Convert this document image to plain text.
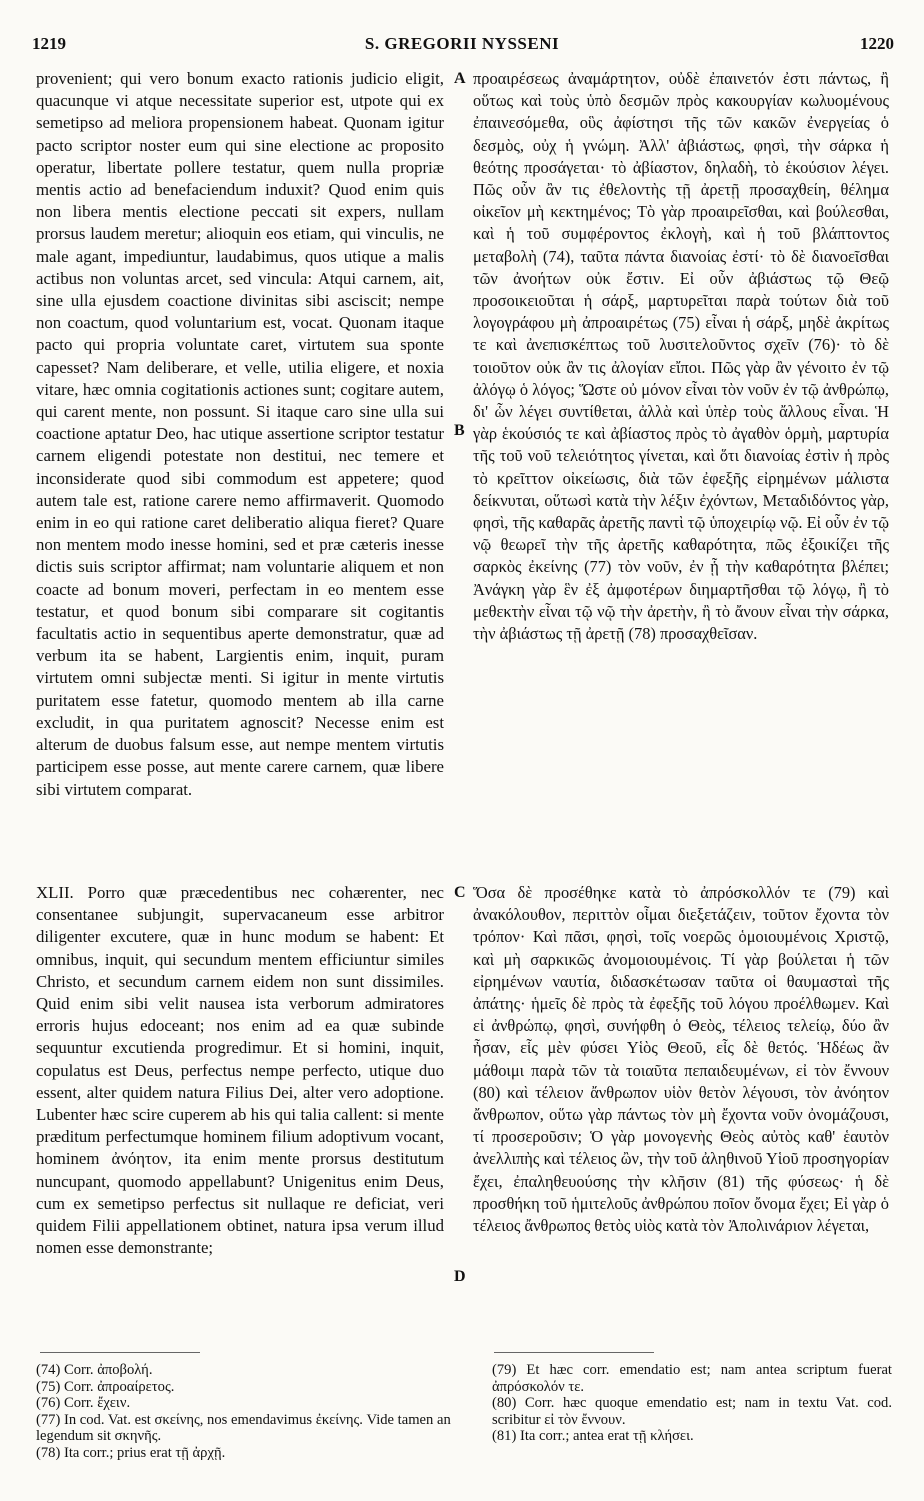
1219	S. GREGORII NYSSENI	1220
A
B
C
D

provenient; qui vero bonum exacto rationis judicio eligit, quacunque vi atque necessitate superior est, utpote qui ex semetipso ad meliora propensionem habeat. Quonam igitur pacto scriptor noster eum qui sine electione ac proposito operatur, libertate pollere testatur, quem nulla propriæ mentis actio ad benefaciendum induxit? Quod enim quis non libera mentis electione peccati sit expers, nullam prorsus laudem meretur; alioquin eos etiam, qui vinculis, ne male agant, impediuntur, laudabimus, quos utique a malis actibus non voluntas arcet, sed vincula: Atqui carnem, ait, sine ulla ejusdem coactione divinitas sibi asciscit; nempe non coactum, quod voluntarium est, vocat. Quonam itaque pacto qui propria voluntate caret, virtutem sua sponte capesset? Nam deliberare, et velle, utilia eligere, et noxia vitare, hæc omnia cogitationis actiones sunt; cogitare autem, qui carent mente, non possunt. Si itaque caro sine ulla sui coactione aptatur Deo, hac utique assertione scriptor testatur carnem eligendi potestate non destitui, nec temere et inconsiderate quod sibi commodum est appetere; quod autem tale est, ratione carere nemo affirmaverit. Quomodo enim in eo qui ratione caret deliberatio aliqua fieret? Quare non mentem modo inesse homini, sed et præ cæteris inesse dictis suis scriptor affirmat; nam voluntarie aliquem et non coacte ad bonum moveri, perfectam in eo mentem esse testatur, et quod bonum sibi comparare sit cogitantis facultatis actio in sequentibus aperte demonstratur, quæ ad verbum ita se habent, Largientis enim, inquit, puram virtutem omni subjectæ menti. Si igitur in mente virtutis puritatem esse fatetur, quomodo mentem ab illa carne excludit, in qua puritatem agnoscit? Necesse enim est alterum de duobus falsum esse, aut nempe mentem virtutis participem esse posse, aut mente carere carnem, quæ libere sibi virtutem comparat.

προαιρέσεως ἀναμάρτητον, οὐδὲ ἐπαινετόν ἐστι πάντως, ἢ οὕτως καὶ τοὺς ὑπὸ δεσμῶν πρὸς κακουργίαν κωλυομένους ἐπαινεσόμεθα, οὓς ἀφίστησι τῆς τῶν κακῶν ἐνεργείας ὁ δεσμὸς, οὐχ ἡ γνώμη. Ἀλλ' ἀβιάστως, φησὶ, τὴν σάρκα ἡ θεότης προσάγεται· τὸ ἀβίαστον, δηλαδὴ, τὸ ἑκούσιον λέγει. Πῶς οὖν ἂν τις ἐθελοντὴς τῇ ἀρετῇ προσαχθείη, θέλημα οἰκεῖον μὴ κεκτημένος; Τὸ γὰρ προαιρεῖσθαι, καὶ βούλεσθαι, καὶ ἡ τοῦ συμφέροντος ἐκλογὴ, καὶ ἡ τοῦ βλάπτοντος μεταβολὴ (74), ταῦτα πάντα διανοίας ἐστί· τὸ δὲ διανοεῖσθαι τῶν ἀνοήτων οὐκ ἔστιν. Εἰ οὖν ἀβιάστως τῷ Θεῷ προσοικειοῦται ἡ σάρξ, μαρτυρεῖται παρὰ τούτων διὰ τοῦ λογογράφου μὴ ἀπροαιρέτως (75) εἶναι ἡ σάρξ, μηδὲ ἀκρίτως τε καὶ ἀνεπισκέπτως τοῦ λυσιτελοῦντος σχεῖν (76)· τὸ δὲ τοιοῦτον οὐκ ἂν τις ἀλογίαν εἴποι. Πῶς γὰρ ἂν γένοιτο ἐν τῷ ἀλόγῳ ὁ λόγος; Ὥστε οὐ μόνον εἶναι τὸν νοῦν ἐν τῷ ἀνθρώπῳ, δι' ὧν λέγει συντίθεται, ἀλλὰ καὶ ὑπὲρ τοὺς ἄλλους εἶναι. Ἡ γὰρ ἑκούσιός τε καὶ ἀβίαστος πρὸς τὸ ἀγαθὸν ὁρμὴ, μαρτυρία τῆς τοῦ νοῦ τελειότητος γίνεται, καὶ ὅτι διανοίας ἐστὶν ἡ πρὸς τὸ κρεῖττον οἰκείωσις, διὰ τῶν ἐφεξῆς εἰρημένων μάλιστα δείκνυται, οὕτωσὶ κατὰ τὴν λέξιν ἐχόντων, Μεταδιδόντος γὰρ, φησὶ, τῆς καθαρᾶς ἀρετῆς παντὶ τῷ ὑποχειρίῳ νῷ. Εἰ οὖν ἐν τῷ νῷ θεωρεῖ τὴν τῆς ἀρετῆς καθαρότητα, πῶς ἐξοικίζει τῆς σαρκὸς ἐκείνης (77) τὸν νοῦν, ἐν ᾗ τὴν καθαρότητα βλέπει; Ἀνάγκη γὰρ ἓν ἐξ ἀμφοτέρων διημαρτῆσθαι τῷ λόγῳ, ἢ τὸ μεθεκτὴν εἶναι τῷ νῷ τὴν ἀρετὴν, ἢ τὸ ἄνουν εἶναι τὴν σάρκα, τὴν ἀβιάστως τῇ ἀρετῇ (78) προσαχθεῖσαν.

XLII. Porro quæ præcedentibus nec cohærenter, nec consentanee subjungit, supervacaneum esse arbitror diligenter excutere, quæ in hunc modum se habent: Et omnibus, inquit, qui secundum mentem efficiuntur similes Christo, et secundum carnem eidem non sunt dissimiles. Quid enim sibi velit nausea ista verborum admiratores erroris hujus edoceant; nos enim ad ea quæ subinde sequuntur excutienda progredimur. Et si homini, inquit, copulatus est Deus, perfectus nempe perfecto, utique duo essent, alter quidem natura Filius Dei, alter vero adoptione. Lubenter hæc scire cuperem ab his qui talia callent: si mente præditum perfectumque hominem filium adoptivum vocant, hominem ἀνόητον, ita enim mente prorsus destitutum nuncupant, quomodo appellabunt? Unigenitus enim Deus, cum ex semetipso perfectus sit nullaque re deficiat, veri quidem Filii appellationem obtinet, natura ipsa verum illud nomen esse demonstrante;

Ὅσα δὲ προσέθηκε κατὰ τὸ ἀπρόσκολλόν τε (79) καὶ ἀνακόλουθον, περιττὸν οἶμαι διεξετάζειν, τοῦτον ἔχοντα τὸν τρόπον· Καὶ πᾶσι, φησὶ, τοῖς νοερῶς ὁμοιουμένοις Χριστῷ, καὶ μὴ σαρκικῶς ἀνομοιουμένοις. Τί γὰρ βούλεται ἡ τῶν εἰρημένων ναυτία, διδασκέτωσαν ταῦτα οἱ θαυμασταὶ τῆς ἀπάτης· ἡμεῖς δὲ πρὸς τὰ ἐφεξῆς τοῦ λόγου προέλθωμεν. Καὶ εἰ ἀνθρώπῳ, φησὶ, συνήφθη ὁ Θεὸς, τέλειος τελείῳ, δύο ἂν ἦσαν, εἷς μὲν φύσει Υἱὸς Θεοῦ, εἷς δὲ θετός. Ἡδέως ἂν μάθοιμι παρὰ τῶν τὰ τοιαῦτα πεπαιδευμένων, εἰ τὸν ἔννουν (80) καὶ τέλειον ἄνθρωπον υἱὸν θετὸν λέγουσι, τὸν ἀνόητον ἄνθρωπον, οὕτω γὰρ πάντως τὸν μὴ ἔχοντα νοῦν ὀνομάζουσι, τί προσεροῦσιν; Ὁ γὰρ μονογενὴς Θεὸς αὐτὸς καθ' ἑαυτὸν ἀνελλιπὴς καὶ τέλειος ὢν, τὴν τοῦ ἀληθινοῦ Υἱοῦ προσηγορίαν ἔχει, ἐπαληθευούσης τὴν κλῆσιν (81) τῆς φύσεως· ἡ δὲ προσθήκη τοῦ ἡμιτελοῦς ἀνθρώπου ποῖον ὄνομα ἔχει; Εἰ γὰρ ὁ τέλειος ἄνθρωπος θετὸς υἱὸς κατὰ τὸν Ἀπολινάριον λέγεται,

(74) Corr. ἀποβολή.
(75) Corr. ἀπροαίρετος.
(76) Corr. ἔχειν.
(77) In cod. Vat. est σκείνης, nos emendavimus ἐκείνης. Vide tamen an legendum sit σκηνῆς.
(78) Ita corr.; prius erat τῇ ἀρχῇ.
(79) Et hæc corr. emendatio est; nam antea scriptum fuerat ἀπρόσκολόν τε.
(80) Corr. hæc quoque emendatio est; nam in textu Vat. cod. scribitur εἰ τὸν ἔννουν.
(81) Ita corr.; antea erat τῇ κλήσει.
